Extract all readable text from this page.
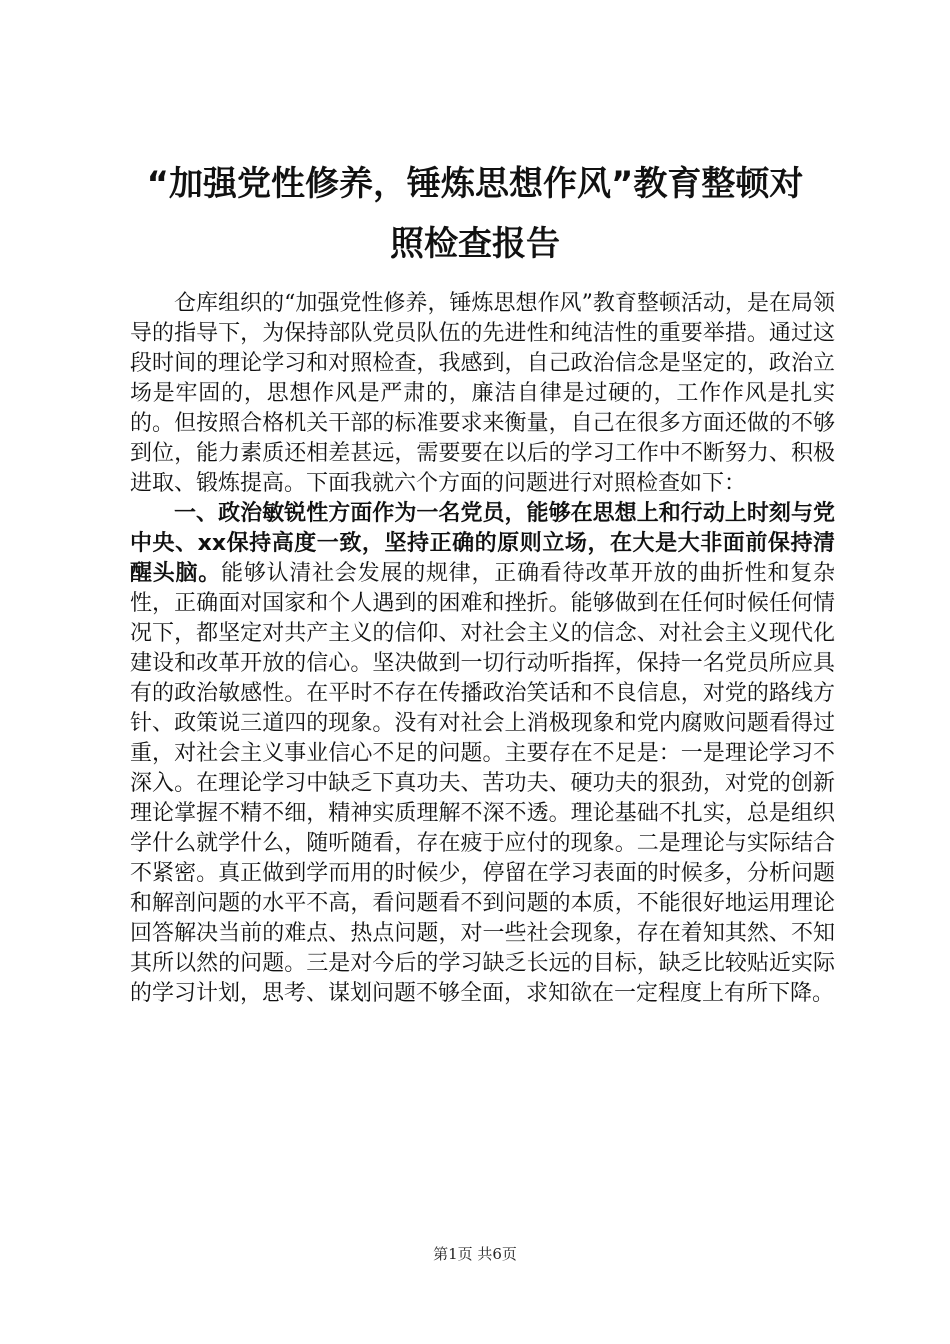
“加强党性修养，锤炼思想作风”教育整顿对
照检查报告

仓库组织的“加强党性修养，锤炼思想作风”教育整顿活动，是在局领导的指导下，为保持部队党员队伍的先进性和纯洁性的重要举措。通过这段时间的理论学习和对照检查，我感到，自己政治信念是坚定的，政治立场是牢固的，思想作风是严肃的，廉洁自律是过硬的，工作作风是扎实的。但按照合格机关干部的标准要求来衡量，自己在很多方面还做的不够到位，能力素质还相差甚远，需要要在以后的学习工作中不断努力、积极进取、锻炼提高。下面我就六个方面的问题进行对照检查如下：

一、政治敏锐性方面作为一名党员，能够在思想上和行动上时刻与党中央、xx保持高度一致，坚持正确的原则立场，在大是大非面前保持清醒头脑。能够认清社会发展的规律，正确看待改革开放的曲折性和复杂性，正确面对国家和个人遇到的困难和挫折。能够做到在任何时候任何情况下，都坚定对共产主义的信仰、对社会主义的信念、对社会主义现代化建设和改革开放的信心。坚决做到一切行动听指挥，保持一名党员所应具有的政治敏感性。在平时不存在传播政治笑话和不良信息，对党的路线方针、政策说三道四的现象。没有对社会上消极现象和党内腐败问题看得过重，对社会主义事业信心不足的问题。主要存在不足是：一是理论学习不深入。在理论学习中缺乏下真功夫、苦功夫、硬功夫的狠劲，对党的创新理论掌握不精不细，精神实质理解不深不透。理论基础不扎实，总是组织学什么就学什么，随听随看，存在疲于应付的现象。二是理论与实际结合不紧密。真正做到学而用的时候少，停留在学习表面的时候多，分析问题和解剖问题的水平不高，看问题看不到问题的本质，不能很好地运用理论回答解决当前的难点、热点问题，对一些社会现象，存在着知其然、不知其所以然的问题。三是对今后的学习缺乏长远的目标，缺乏比较贴近实际的学习计划，思考、谋划问题不够全面，求知欲在一定程度上有所下降。

第1页 共6页
